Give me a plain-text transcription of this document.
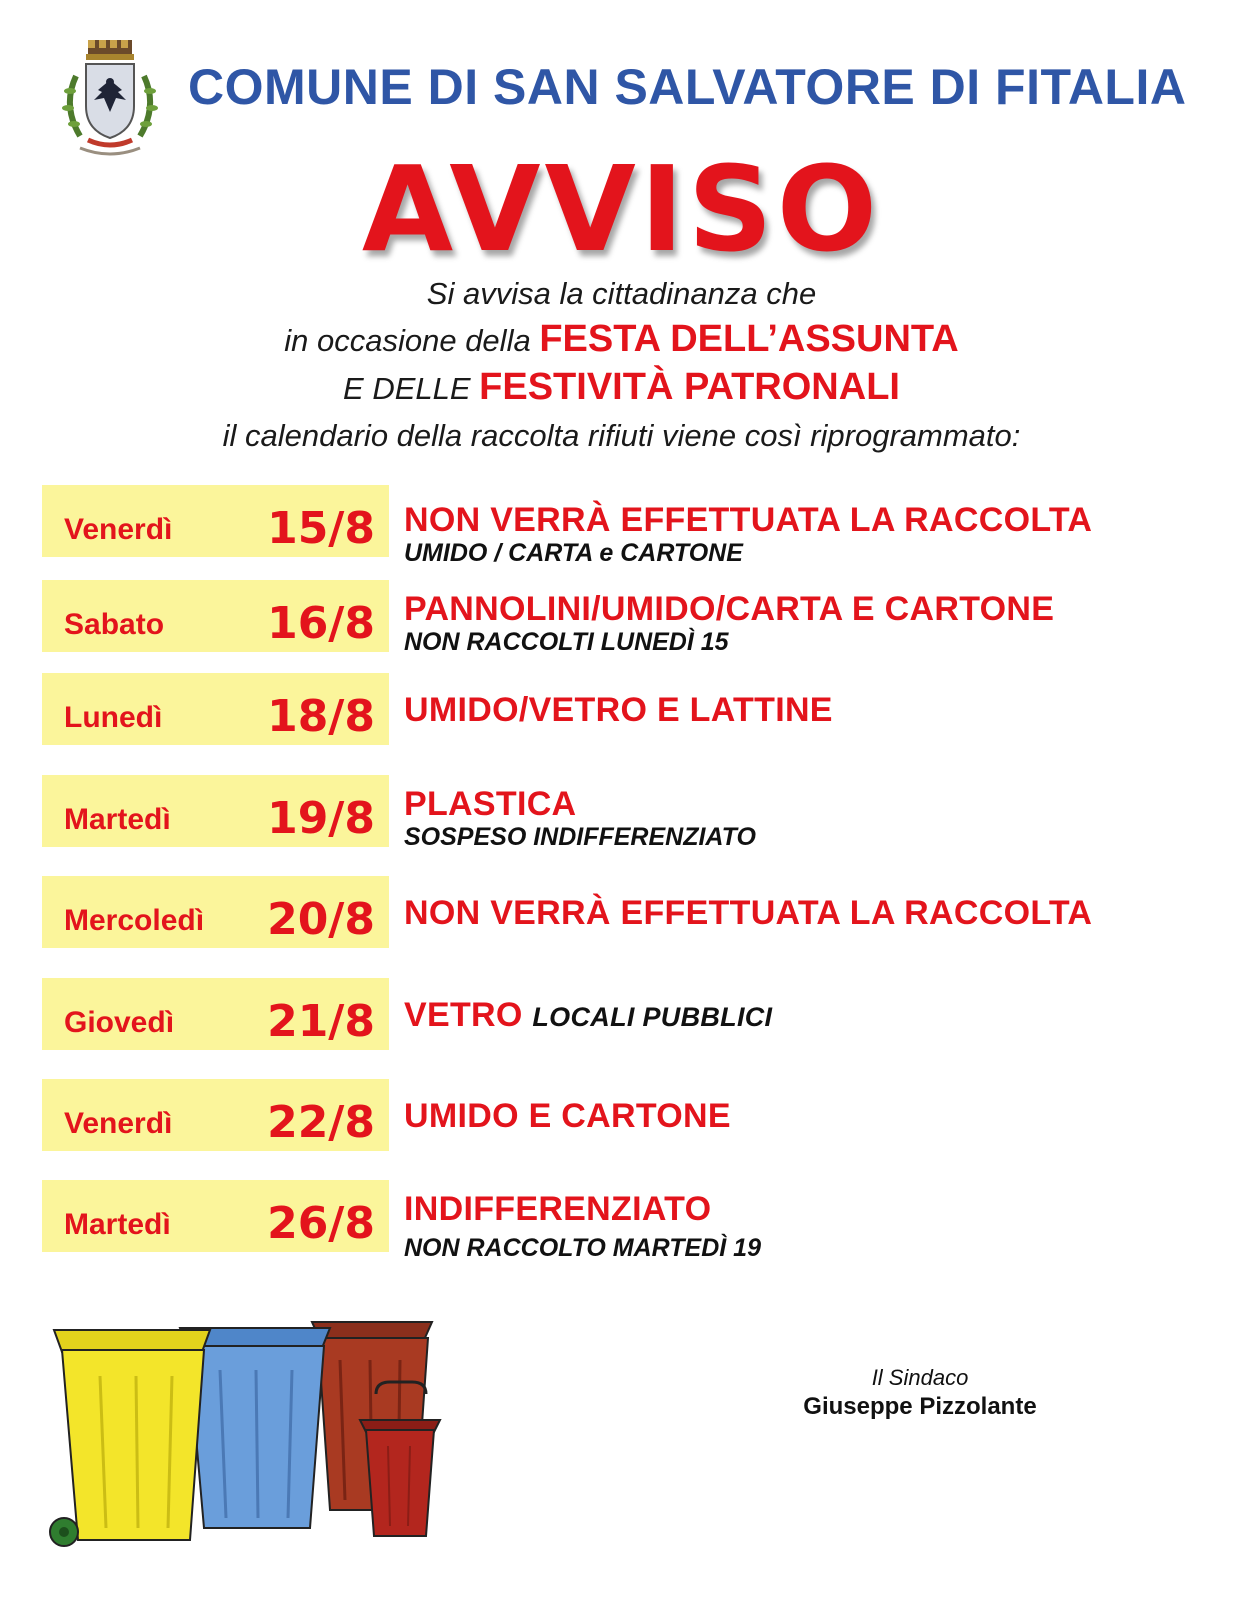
COMUNE DI SAN SALVATORE DI FITALIA
AVVISO
Si avvisa la cittadinanza che
in occasione della FESTA DELL’ASSUNTA
E DELLE FESTIVITÀ PATRONALI
il calendario della raccolta rifiuti viene così riprogrammato:
Venerdì 15/8 NON VERRÀ EFFETTUATA LA RACCOLTA
UMIDO / CARTA e CARTONE
Sabato 16/8 PANNOLINI/UMIDO/CARTA E CARTONE
NON RACCOLTI LUNEDÌ 15
Lunedì 18/8 UMIDO/VETRO E LATTINE
Martedì 19/8 PLASTICA
SOSPESO INDIFFERENZIATO
Mercoledì 20/8 NON VERRÀ EFFETTUATA LA RACCOLTA
Giovedì 21/8 VETRO LOCALI PUBBLICI
Venerdì 22/8 UMIDO E CARTONE
Martedì 26/8 INDIFFERENZIATO
NON RACCOLTO MARTEDÌ 19
Il Sindaco
Giuseppe Pizzolante
